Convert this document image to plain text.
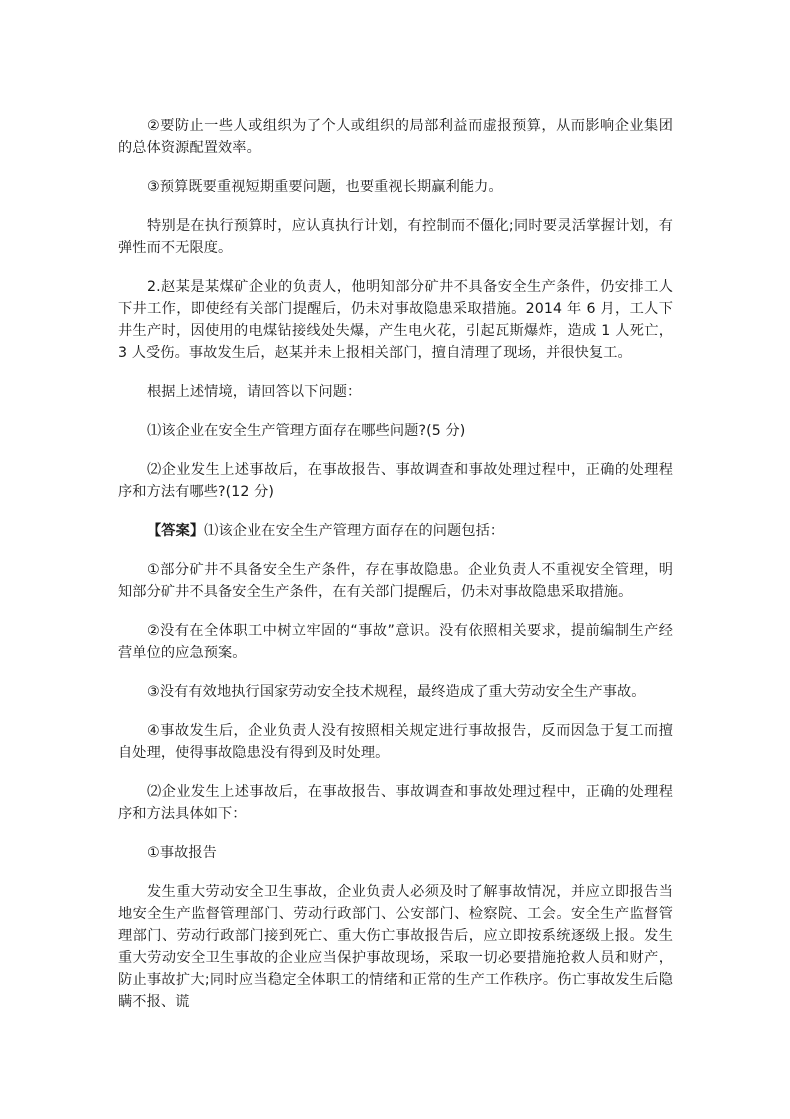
②要防止一些人或组织为了个人或组织的局部利益而虚报预算，从而影响企业集团的总体资源配置效率。

③预算既要重视短期重要问题，也要重视长期赢利能力。

特别是在执行预算时，应认真执行计划，有控制而不僵化;同时要灵活掌握计划，有弹性而不无限度。

2.赵某是某煤矿企业的负责人，他明知部分矿井不具备安全生产条件，仍安排工人下井工作，即使经有关部门提醒后，仍未对事故隐患采取措施。2014 年 6 月，工人下井生产时，因使用的电煤钻接线处失爆，产生电火花，引起瓦斯爆炸，造成 1 人死亡，3 人受伤。事故发生后，赵某并未上报相关部门，擅自清理了现场，并很快复工。

根据上述情境，请回答以下问题：

⑴该企业在安全生产管理方面存在哪些问题?(5 分)

⑵企业发生上述事故后，在事故报告、事故调查和事故处理过程中，正确的处理程序和方法有哪些?(12 分)

【答案】⑴该企业在安全生产管理方面存在的问题包括：

①部分矿井不具备安全生产条件，存在事故隐患。企业负责人不重视安全管理，明知部分矿井不具备安全生产条件，在有关部门提醒后，仍未对事故隐患采取措施。

②没有在全体职工中树立牢固的“事故”意识。没有依照相关要求，提前编制生产经营单位的应急预案。

③没有有效地执行国家劳动安全技术规程，最终造成了重大劳动安全生产事故。

④事故发生后，企业负责人没有按照相关规定进行事故报告，反而因急于复工而擅自处理，使得事故隐患没有得到及时处理。

⑵企业发生上述事故后，在事故报告、事故调查和事故处理过程中，正确的处理程序和方法具体如下：

①事故报告

发生重大劳动安全卫生事故，企业负责人必须及时了解事故情况，并应立即报告当地安全生产监督管理部门、劳动行政部门、公安部门、检察院、工会。安全生产监督管理部门、劳动行政部门接到死亡、重大伤亡事故报告后，应立即按系统逐级上报。发生重大劳动安全卫生事故的企业应当保护事故现场，采取一切必要措施抢救人员和财产，防止事故扩大;同时应当稳定全体职工的情绪和正常的生产工作秩序。伤亡事故发生后隐瞒不报、谎
